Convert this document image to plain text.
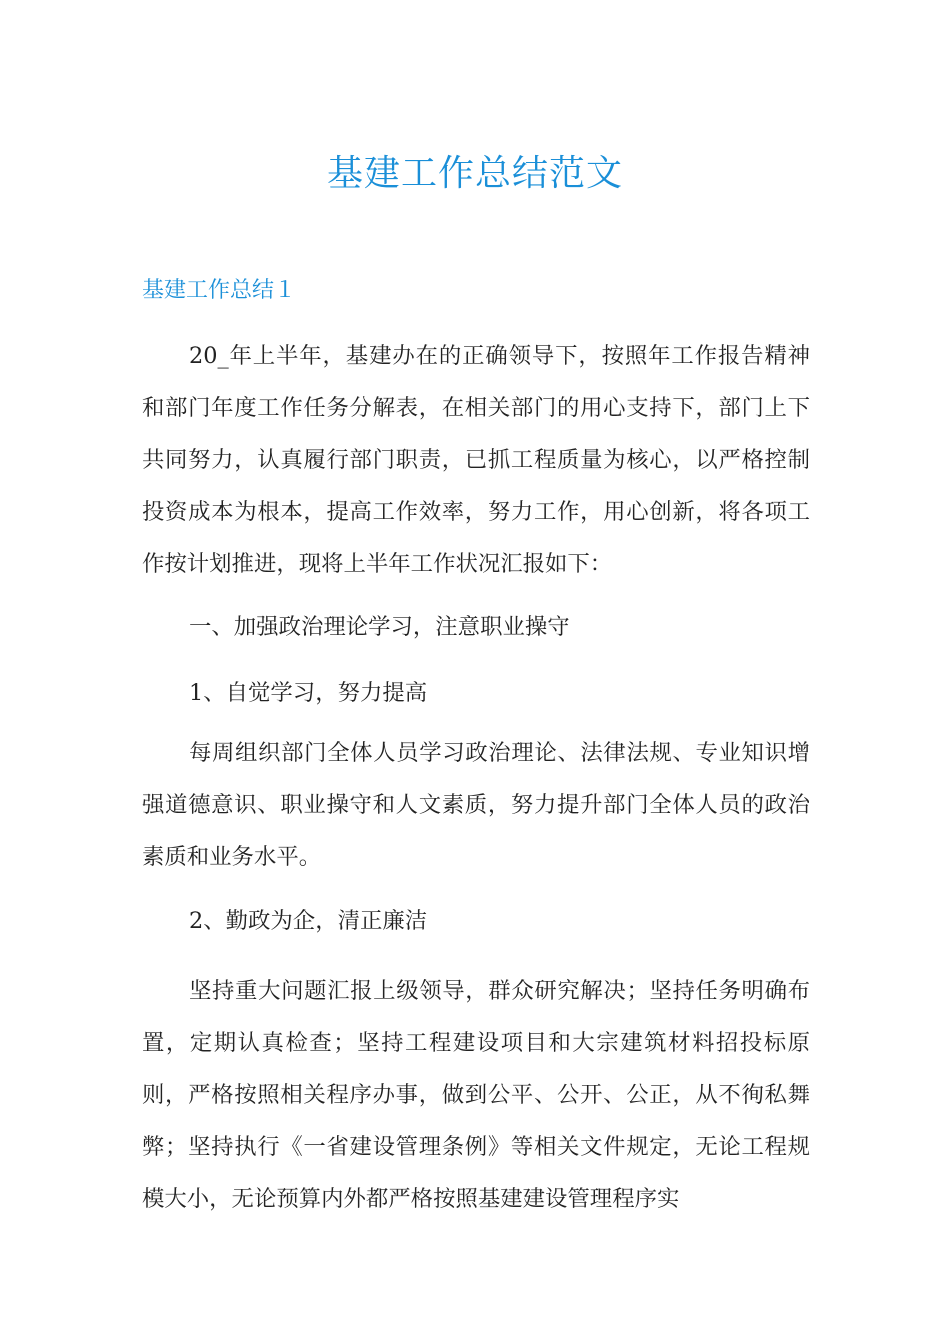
基建工作总结范文
基建工作总结１

20_年上半年，基建办在的正确领导下，按照年工作报告精神和部门年度工作任务分解表，在相关部门的用心支持下，部门上下共同努力，认真履行部门职责，已抓工程质量为核心，以严格控制投资成本为根本，提高工作效率，努力工作，用心创新，将各项工作按计划推进，现将上半年工作状况汇报如下：

一、加强政治理论学习，注意职业操守

1、自觉学习，努力提高

每周组织部门全体人员学习政治理论、法律法规、专业知识增强道德意识、职业操守和人文素质，努力提升部门全体人员的政治素质和业务水平。

2、勤政为企，清正廉洁

坚持重大问题汇报上级领导，群众研究解决；坚持任务明确布置，定期认真检查；坚持工程建设项目和大宗建筑材料招投标原则，严格按照相关程序办事，做到公平、公开、公正，从不徇私舞弊；坚持执行《一省建设管理条例》等相关文件规定，无论工程规模大小，无论预算内外都严格按照基建建设管理程序实
